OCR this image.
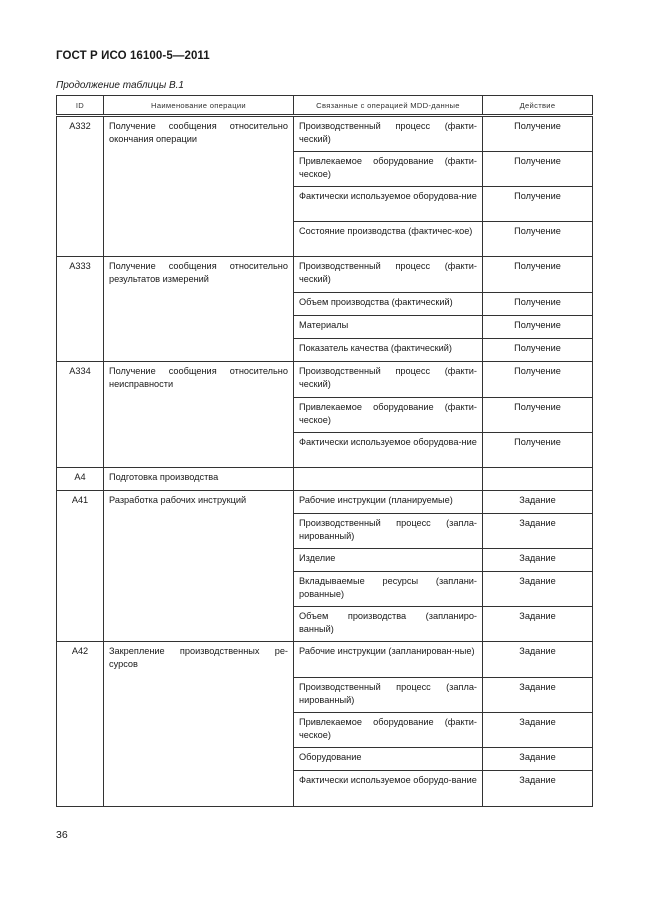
ГОСТ Р ИСО 16100-5—2011
Продолжение таблицы В.1
ID	Наименование операции	Связанные с операцией MDD-данные	Действие
A332	Получение сообщения относительно окончания операции	Производственный процесс (факти-ческий)	Получение
		Привлекаемое оборудование (факти-ческое)	Получение
		Фактически используемое оборудова-ние	Получение
		Состояние производства (фактичес-кое)	Получение
A333	Получение сообщения относительно результатов измерений	Производственный процесс (факти-ческий)	Получение
		Объем производства (фактический)	Получение
		Материалы	Получение
		Показатель качества (фактический)	Получение
A334	Получение сообщения относительно неисправности	Производственный процесс (факти-ческий)	Получение
		Привлекаемое оборудование (факти-ческое)	Получение
		Фактически используемое оборудова-ние	Получение
A4	Подготовка производства		
A41	Разработка рабочих инструкций	Рабочие инструкции (планируемые)	Задание
		Производственный процесс (запла-нированный)	Задание
		Изделие	Задание
		Вкладываемые ресурсы (заплани-рованные)	Задание
		Объем производства (запланиро-ванный)	Задание
A42	Закрепление производственных ре-сурсов	Рабочие инструкции (запланирован-ные)	Задание
		Производственный процесс (запла-нированный)	Задание
		Привлекаемое оборудование (факти-ческое)	Задание
		Оборудование	Задание
		Фактически используемое оборудо-вание	Задание
36
